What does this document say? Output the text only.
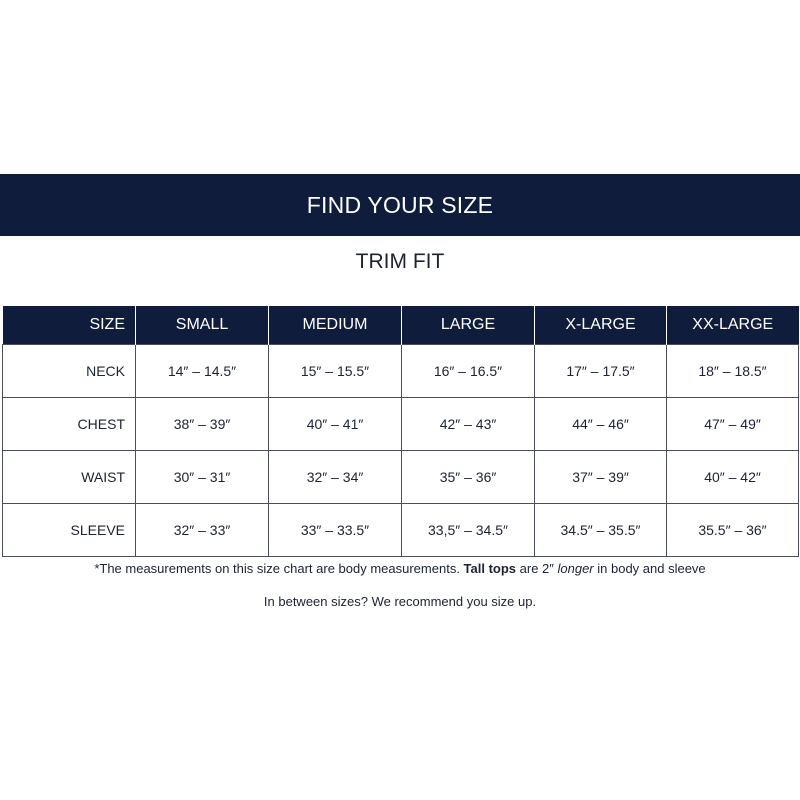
FIND YOUR SIZE
TRIM FIT
SIZE	SMALL	MEDIUM	LARGE	X-LARGE	XX-LARGE
NECK	14″ – 14.5″	15″ – 15.5″	16″ – 16.5″	17″ – 17.5″	18″ – 18.5″
CHEST	38″ – 39″	40″ – 41″	42″ – 43″	44″ – 46″	47″ – 49″
WAIST	30″ – 31″	32″ – 34″	35″ – 36″	37″ – 39″	40″ – 42″
SLEEVE	32″ – 33″	33″ – 33.5″	33,5″ – 34.5″	34.5″ – 35.5″	35.5″ – 36″
*The measurements on this size chart are body measurements. Tall tops are 2″ longer in body and sleeve
In between sizes? We recommend you size up.
